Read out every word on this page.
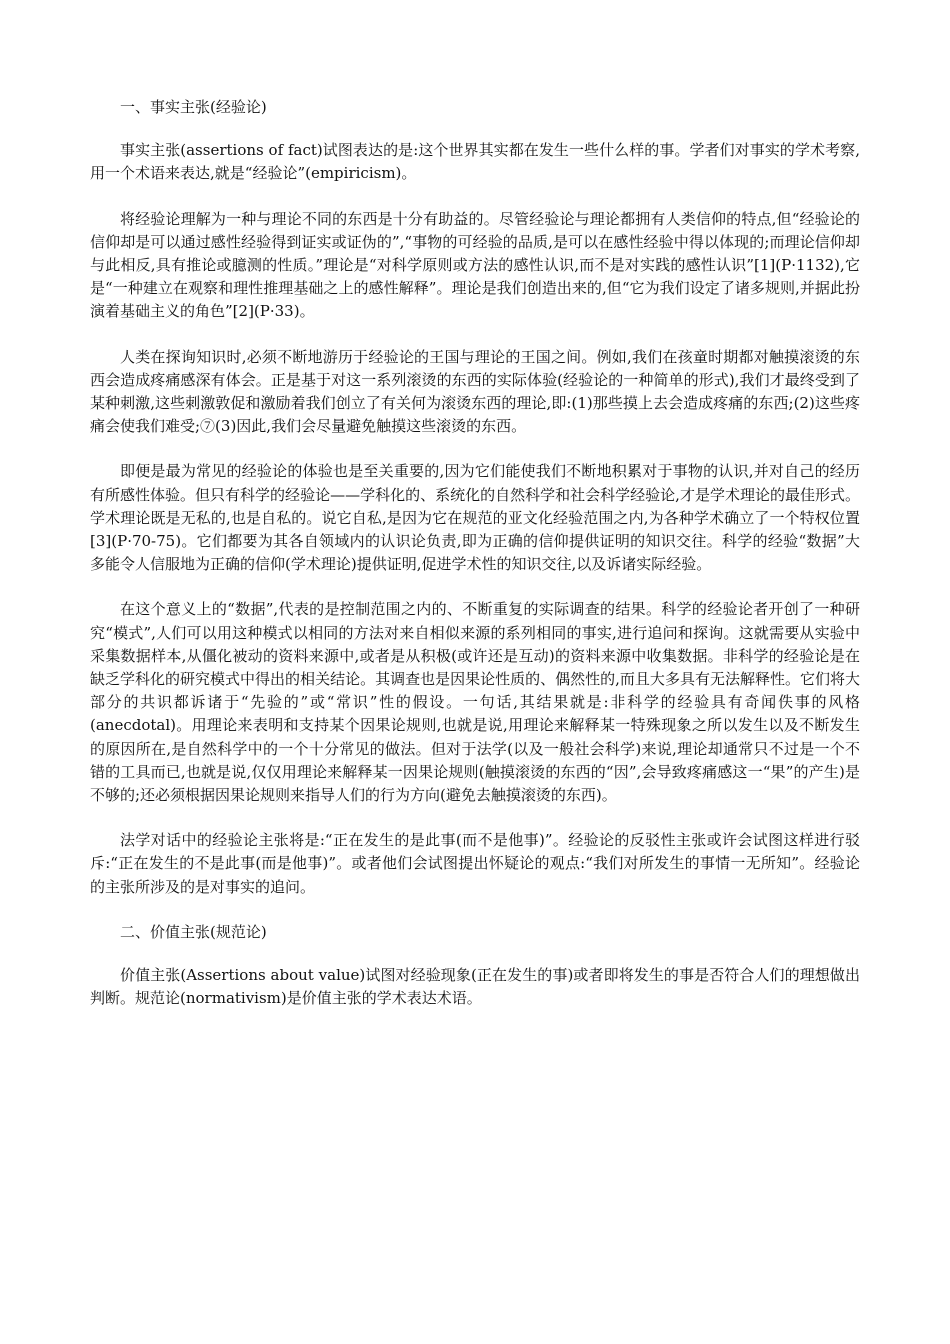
一、事实主张(经验论)

事实主张(assertions of fact)试图表达的是:这个世界其实都在发生一些什么样的事。学者们对事实的学术考察,用一个术语来表达,就是“经验论”(empiricism)。

将经验论理解为一种与理论不同的东西是十分有助益的。尽管经验论与理论都拥有人类信仰的特点,但“经验论的信仰却是可以通过感性经验得到证实或证伪的”,“事物的可经验的品质,是可以在感性经验中得以体现的;而理论信仰却与此相反,具有推论或臆测的性质。”理论是“对科学原则或方法的感性认识,而不是对实践的感性认识”[1](P·1132),它是“一种建立在观察和理性推理基础之上的感性解释”。理论是我们创造出来的,但“它为我们设定了诸多规则,并据此扮演着基础主义的角色”[2](P·33)。

人类在探询知识时,必须不断地游历于经验论的王国与理论的王国之间。例如,我们在孩童时期都对触摸滚烫的东西会造成疼痛感深有体会。正是基于对这一系列滚烫的东西的实际体验(经验论的一种简单的形式),我们才最终受到了某种刺激,这些刺激敦促和激励着我们创立了有关何为滚烫东西的理论,即:(1)那些摸上去会造成疼痛的东西;(2)这些疼痛会使我们难受;⑦(3)因此,我们会尽量避免触摸这些滚烫的东西。

即便是最为常见的经验论的体验也是至关重要的,因为它们能使我们不断地积累对于事物的认识,并对自己的经历有所感性体验。但只有科学的经验论——学科化的、系统化的自然科学和社会科学经验论,才是学术理论的最佳形式。学术理论既是无私的,也是自私的。说它自私,是因为它在规范的亚文化经验范围之内,为各种学术确立了一个特权位置[3](P·70-75)。它们都要为其各自领域内的认识论负责,即为正确的信仰提供证明的知识交往。科学的经验“数据”大多能令人信服地为正确的信仰(学术理论)提供证明,促进学术性的知识交往,以及诉诸实际经验。

在这个意义上的“数据”,代表的是控制范围之内的、不断重复的实际调查的结果。科学的经验论者开创了一种研究“模式”,人们可以用这种模式以相同的方法对来自相似来源的系列相同的事实,进行追问和探询。这就需要从实验中采集数据样本,从僵化被动的资料来源中,或者是从积极(或许还是互动)的资料来源中收集数据。非科学的经验论是在缺乏学科化的研究模式中得出的相关结论。其调查也是因果论性质的、偶然性的,而且大多具有无法解释性。它们将大部分的共识都诉诸于“先验的”或“常识”性的假设。一句话,其结果就是:非科学的经验具有奇闻佚事的风格(anecdotal)。用理论来表明和支持某个因果论规则,也就是说,用理论来解释某一特殊现象之所以发生以及不断发生的原因所在,是自然科学中的一个十分常见的做法。但对于法学(以及一般社会科学)来说,理论却通常只不过是一个不错的工具而已,也就是说,仅仅用理论来解释某一因果论规则(触摸滚烫的东西的“因”,会导致疼痛感这一“果”的产生)是不够的;还必须根据因果论规则来指导人们的行为方向(避免去触摸滚烫的东西)。

法学对话中的经验论主张将是:“正在发生的是此事(而不是他事)”。经验论的反驳性主张或许会试图这样进行驳斥:“正在发生的不是此事(而是他事)”。或者他们会试图提出怀疑论的观点:“我们对所发生的事情一无所知”。经验论的主张所涉及的是对事实的追问。

二、价值主张(规范论)

价值主张(Assertions about value)试图对经验现象(正在发生的事)或者即将发生的事是否符合人们的理想做出判断。规范论(normativism)是价值主张的学术表达术语。
